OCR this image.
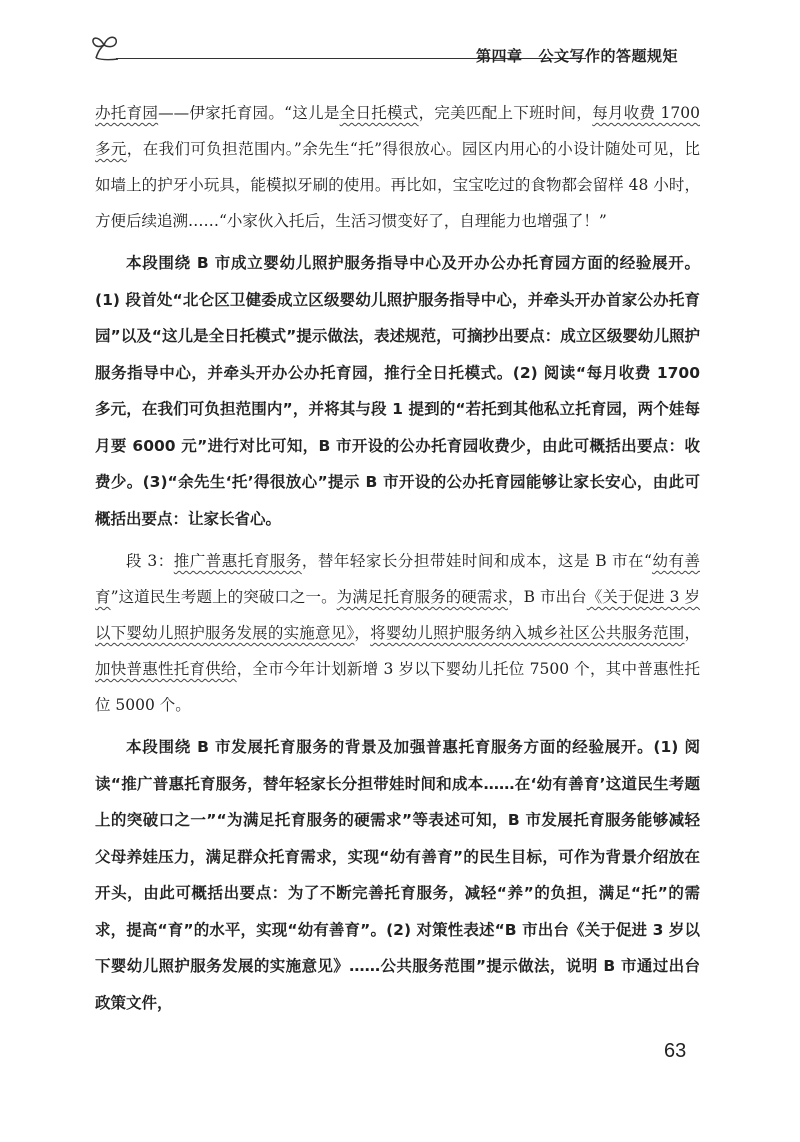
第四章 公文写作的答题规矩

办托育园——伊家托育园。“这儿是全日托模式，完美匹配上下班时间，每月收费 1700 多元，在我们可负担范围内。”余先生“托”得很放心。园区内用心的小设计随处可见，比如墙上的护牙小玩具，能模拟牙刷的使用。再比如，宝宝吃过的食物都会留样 48 小时，方便后续追溯……“小家伙入托后，生活习惯变好了，自理能力也增强了！”

本段围绕 B 市成立婴幼儿照护服务指导中心及开办公办托育园方面的经验展开。(1) 段首处“北仑区卫健委成立区级婴幼儿照护服务指导中心，并牵头开办首家公办托育园”以及“这儿是全日托模式”提示做法，表述规范，可摘抄出要点：成立区级婴幼儿照护服务指导中心，并牵头开办公办托育园，推行全日托模式。(2) 阅读“每月收费 1700 多元，在我们可负担范围内”，并将其与段 1 提到的“若托到其他私立托育园，两个娃每月要 6000 元”进行对比可知，B 市开设的公办托育园收费少，由此可概括出要点：收费少。(3)“余先生‘托’得很放心”提示 B 市开设的公办托育园能够让家长安心，由此可概括出要点：让家长省心。

段 3：推广普惠托育服务，替年轻家长分担带娃时间和成本，这是 B 市在“幼有善育”这道民生考题上的突破口之一。为满足托育服务的硬需求，B 市出台《关于促进 3 岁以下婴幼儿照护服务发展的实施意见》，将婴幼儿照护服务纳入城乡社区公共服务范围，加快普惠性托育供给，全市今年计划新增 3 岁以下婴幼儿托位 7500 个，其中普惠性托位 5000 个。

本段围绕 B 市发展托育服务的背景及加强普惠托育服务方面的经验展开。(1) 阅读“推广普惠托育服务，替年轻家长分担带娃时间和成本……在‘幼有善育’这道民生考题上的突破口之一”“为满足托育服务的硬需求”等表述可知，B 市发展托育服务能够减轻父母养娃压力，满足群众托育需求，实现“幼有善育”的民生目标，可作为背景介绍放在开头，由此可概括出要点：为了不断完善托育服务，减轻“养”的负担，满足“托”的需求，提高“育”的水平，实现“幼有善育”。(2) 对策性表述“B 市出台《关于促进 3 岁以下婴幼儿照护服务发展的实施意见》……公共服务范围”提示做法，说明 B 市通过出台政策文件，

63
